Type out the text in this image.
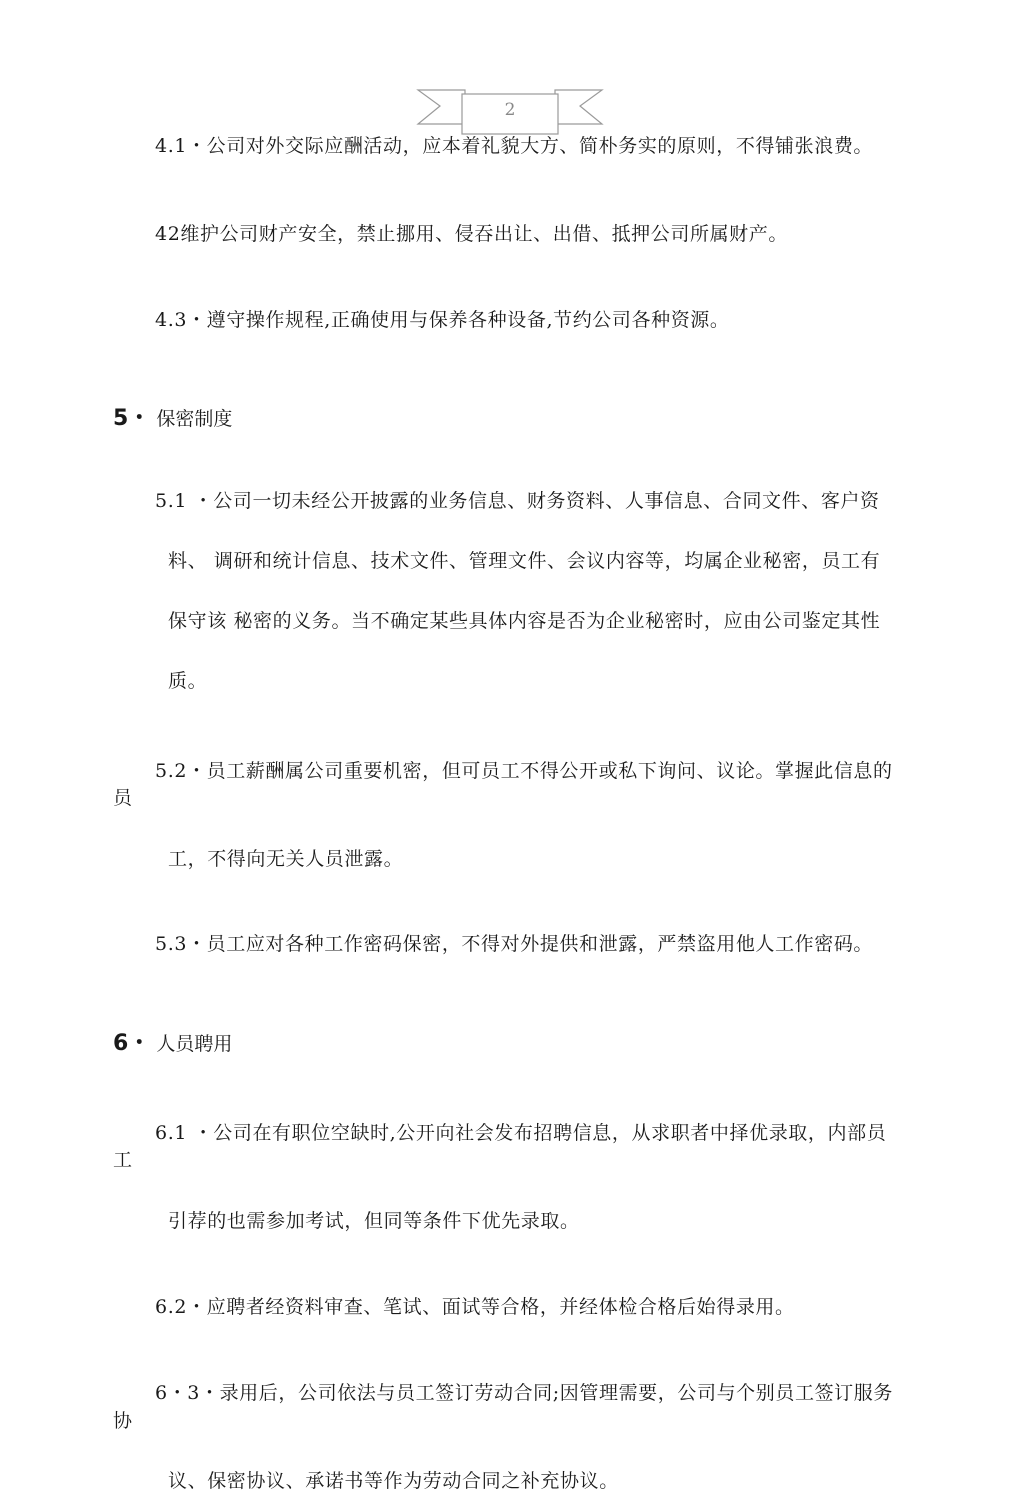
2
4.1・公司对外交际应酬活动，应本着礼貌大方、简朴务实的原则，不得铺张浪费。
42维护公司财产安全，禁止挪用、侵吞出让、出借、抵押公司所属财产。
4.3・遵守操作规程,正确使用与保养各种设备,节约公司各种资源。
5・ 保密制度
5.1 ・公司一切未经公开披露的业务信息、财务资料、人事信息、合同文件、客户资
料、 调研和统计信息、技术文件、管理文件、会议内容等，均属企业秘密，员工有
保守该 秘密的义务。当不确定某些具体内容是否为企业秘密时，应由公司鉴定其性
质。
5.2・员工薪酬属公司重要机密，但可员工不得公开或私下询问、议论。掌握此信息的
员
工，不得向无关人员泄露。
5.3・员工应对各种工作密码保密，不得对外提供和泄露，严禁盗用他人工作密码。
6・ 人员聘用
6.1 ・公司在有职位空缺时,公开向社会发布招聘信息，从求职者中择优录取，内部员
工
引荐的也需参加考试，但同等条件下优先录取。
6.2・应聘者经资料审查、笔试、面试等合格，并经体检合格后始得录用。
6・3・录用后，公司依法与员工签订劳动合同;因管理需要，公司与个别员工签订服务
协
议、保密协议、承诺书等作为劳动合同之补充协议。
